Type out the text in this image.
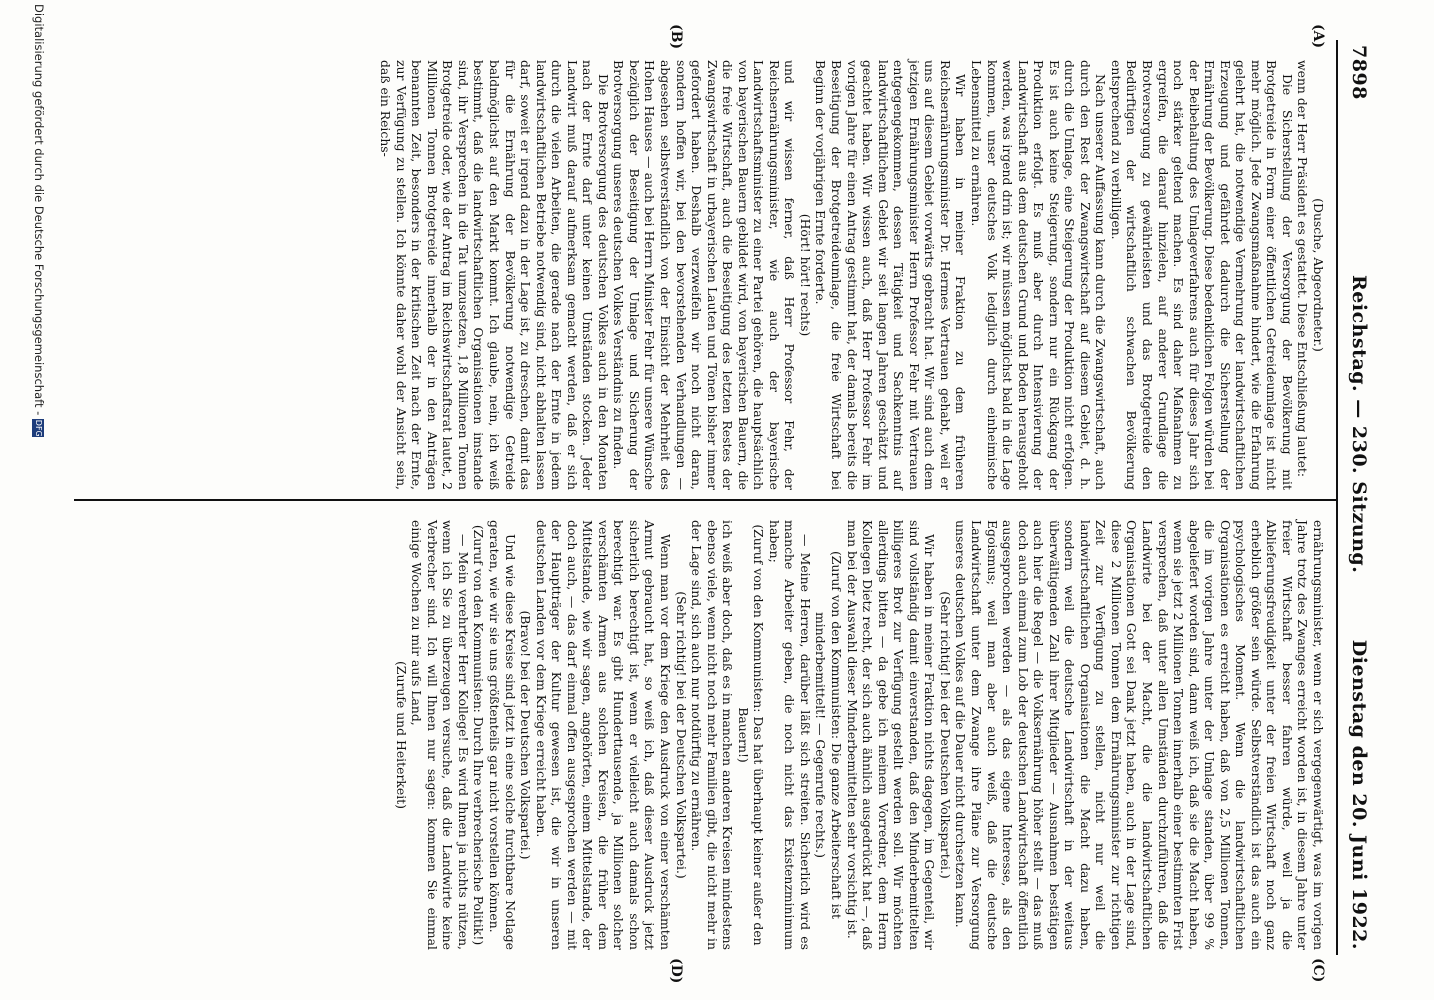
7898
Reichstag. — 230. Sitzung.
Dienstag den 20. Juni 1922.
(A)
(B)
(C)
(D)

(Dusche, Abgeordneter.)

wenn der Herr Präsident es gestattet. Diese Entschließung lautet:

Die Sicherstellung der Versorgung der Bevölkerung mit Brotgetreide in Form einer öffentlichen Getreideumlage ist nicht mehr möglich. Jede Zwangsmaßnahme hindert, wie die Erfahrung gelehrt hat, die notwendige Vermehrung der landwirtschaftlichen Erzeugung und gefährdet dadurch die Sicherstellung der Ernährung der Bevölkerung. Diese bedenklichen Folgen würden bei der Beibehaltung des Umlageverfahrens auch für dieses Jahr sich noch stärker geltend machen. Es sind daher Maßnahmen zu ergreifen, die darauf hinzielen, auf anderer Grundlage die Brotversorgung zu gewährleisten und das Brotgetreide den Bedürftigen der wirtschaftlich schwachen Bevölkerung entsprechend zu verbilligen.

Nach unserer Auffassung kann durch die Zwangswirtschaft, auch durch den Rest der Zwangswirtschaft auf diesem Gebiet, d. h. durch die Umlage, eine Steigerung der Produktion nicht erfolgen. Es ist auch keine Steigerung, sondern nur ein Rückgang der Produktion erfolgt. Es muß aber durch Intensivierung der Landwirtschaft aus dem deutschen Grund und Boden herausgeholt werden, was irgend drin ist; wir müssen möglichst bald in die Lage kommen, unser deutsches Volk lediglich durch einheimische Lebensmittel zu ernähren.

Wir haben in meiner Fraktion zu dem früheren Reichsernährungsminister Dr. Hermes Vertrauen gehabt, weil er uns auf diesem Gebiet vorwärts gebracht hat. Wir sind auch dem jetzigen Ernährungsminister Herrn Professor Fehr mit Vertrauen entgegengekommen, dessen Tätigkeit und Sachkenntnis auf landwirtschaftlichem Gebiet wir seit langen Jahren geschätzt und geachtet haben. Wir wissen auch, daß Herr Professor Fehr im vorigen Jahre für einen Antrag gestimmt hat, der damals bereits die Beseitigung der Brotgetreideumlage, die freie Wirtschaft bei Beginn der vorjährigen Ernte forderte.

(Hört! hört! rechts)

und wir wissen ferner, daß Herr Professor Fehr, der Reichsernährungsminister, wie auch der bayerische Landwirtschaftsminister zu einer Partei gehören, die hauptsächlich von bayerischen Bauern gebildet wird, von bayerischen Bauern, die die freie Wirtschaft, auch die Beseitigung des letzten Restes der Zwangswirtschaft in urbayerischen Lauten und Tönen bisher immer gefordert haben. Deshalb verzweifeln wir noch nicht daran, sondern hoffen wir, bei den bevorstehenden Verhandlungen — abgesehen selbstverständlich von der Einsicht der Mehrheit des Hohen Hauses — auch bei Herrn Minister Fehr für unsere Wünsche bezüglich der Beseitigung der Umlage und Sicherung der Brotversorgung unseres deutschen Volkes Verständnis zu finden.

Die Brotversorgung des deutschen Volkes auch in den Monaten nach der Ernte darf unter keinen Umständen stocken. Jeder Landwirt muß darauf aufmerksam gemacht werden, daß er sich durch die vielen Arbeiten, die gerade nach der Ernte in jedem landwirtschaftlichen Betriebe notwendig sind, nicht abhalten lassen darf, soweit er irgend dazu in der Lage ist, zu dreschen, damit das für die Ernährung der Bevölkerung notwendige Getreide baldmöglichst auf den Markt kommt. Ich glaube, nein, ich weiß bestimmt, daß die landwirtschaftlichen Organisationen imstande sind, ihr Versprechen in die Tat umzusetzen, 1,8 Millionen Tonnen Brotgetreide oder, wie der Antrag im Reichswirtschaftsrat lautet, 2 Millionen Tonnen Brotgetreide innerhalb der in den Anträgen benannten Zeit, besonders in der kritischen Zeit nach der Ernte, zur Verfügung zu stellen. Ich könnte daher wohl der Ansicht sein, daß ein Reichs-

ernährungsminister, wenn er sich vergegenwärtigt, was im vorigen Jahre trotz des Zwanges erreicht worden ist, in diesem Jahre unter freier Wirtschaft besser fahren würde, weil ja die Ablieferungsfreudigkeit unter der freien Wirtschaft noch ganz erheblich größer sein würde. Selbstverständlich ist das auch ein psychologisches Moment. Wenn die landwirtschaftlichen Organisationen es erreicht haben, daß von 2,5 Millionen Tonnen, die im vorigen Jahre unter der Umlage standen, über 99 % abgeliefert worden sind, dann weiß ich, daß sie die Macht haben, wenn sie jetzt 2 Millionen Tonnen innerhalb einer bestimmten Frist versprechen, daß unter allen Umständen durchzuführen, daß die Landwirte bei der Macht, die die landwirtschaftlichen Organisationen Gott sei Dank jetzt haben, auch in der Lage sind, diese 2 Millionen Tonnen dem Ernährungsminister zur richtigen Zeit zur Verfügung zu stellen, nicht nur weil die landwirtschaftlichen Organisationen die Macht dazu haben, sondern weil die deutsche Landwirtschaft in der weitaus überwältigenden Zahl ihrer Mitglieder — Ausnahmen bestätigen auch hier die Regel — die Volksernährung höher stellt — das muß doch auch einmal zum Lob der deutschen Landwirtschaft öffentlich ausgesprochen werden — als das eigene Interesse, als den Egoismus; weil man aber auch weiß, daß die deutsche Landwirtschaft unter dem Zwange ihre Pläne zur Versorgung unseres deutschen Volkes auf die Dauer nicht durchsetzen kann.

(Sehr richtig! bei der Deutschen Volkspartei.)

Wir haben in meiner Fraktion nichts dagegen, im Gegenteil, wir sind vollständig damit einverstanden, daß den Minderbemittelten billigeres Brot zur Verfügung gestellt werden soll. Wir möchten allerdings bitten — da gebe ich meinem Vorredner, dem Herrn Kollegen Dietz recht, der sich auch ähnlich ausgedrückt hat —, daß man bei der Auswahl dieser Minderbemittelten sehr vorsichtig ist.

(Zuruf von den Kommunisten: Die ganze Arbeiterschaft ist minderbemittelt! — Gegenrufe rechts.)

— Meine Herren, darüber läßt sich streiten. Sicherlich wird es manche Arbeiter geben, die noch nicht das Existenzminimum haben;

(Zuruf von den Kommunisten: Das hat überhaupt keiner außer den Bauern!)

ich weiß aber doch, daß es in manchen anderen Kreisen mindestens ebenso viele, wenn nicht noch mehr Familien gibt, die nicht mehr in der Lage sind, sich auch nur notdürftig zu ernähren.

(Sehr richtig! bei der Deutschen Volkspartei.)

Wenn man vor dem Kriege den Ausdruck von einer verschämten Armut gebraucht hat, so weiß ich, daß dieser Ausdruck jetzt sicherlich berechtigt ist, wenn er vielleicht auch damals schon berechtigt war. Es gibt Hunderttausende, ja Millionen solcher verschämten Armen aus solchen Kreisen, die früher dem Mittelstande, wie wir sagen, angehörten, einem Mittelstande, der doch auch, — das darf einmal offen ausgesprochen werden — mit der Hauptträger der Kultur gewesen ist, die wir in unseren deutschen Landen vor dem Kriege erreicht haben.

(Bravo! bei der Deutschen Volkspartei.)

Und wie diese Kreise sind jetzt in eine solche furchtbare Notlage geraten, wie wir sie uns größtenteils gar nicht vorstellen können.

(Zuruf von den Kommunisten: Durch Ihre verbrecherische Politik!)

— Mein verehrter Herr Kollege! Es wird Ihnen ja nichts nützen, wenn ich Sie zu überzeugen versuche, daß die Landwirte keine Verbrecher sind. Ich will Ihnen nur sagen: kommen Sie einmal einige Wochen zu mir aufs Land,

(Zurufe und Heiterkeit)

Digitalisierung gefördert durch die Deutsche Forschungsgemeinschaft -DFG
